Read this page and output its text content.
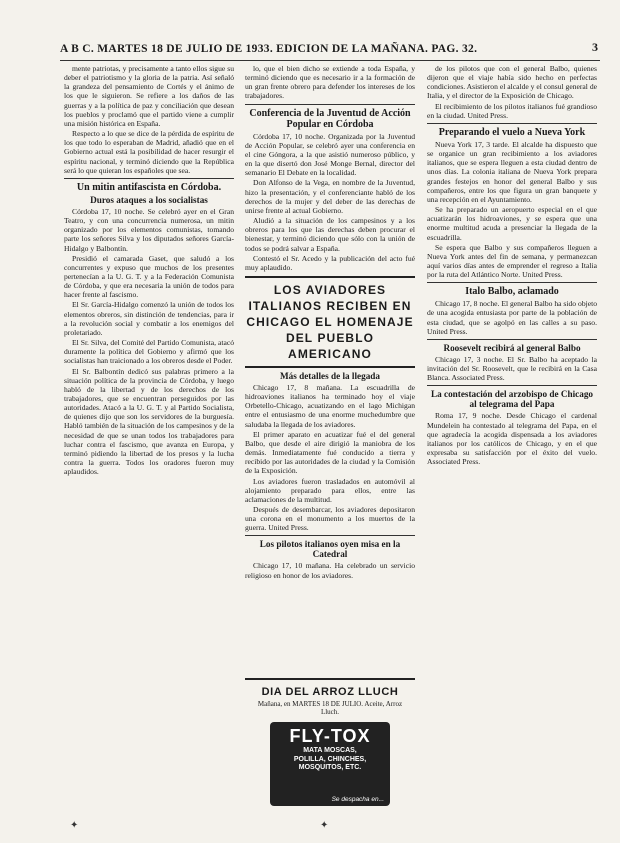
A B C. MARTES 18 DE JULIO DE 1933. EDICION DE LA MAÑANA. PAG. 32.	3

mente patriotas, y precisamente a tanto ellos sigue su deber el patriotismo y la gloria de la patria. Así señaló la grandeza del pensamiento de Cortés y el ánimo de los que le siguieron. Se refiere a los daños de las guerras y a la política de paz y conciliación que desean los pueblos y proclamó que el partido viene a cumplir una misión histórica en España.

Respecto a lo que se dice de la pérdida de espíritu de los que todo lo esperaban de Madrid, añadió que en el Gobierno actual está la posibilidad de hacer resurgir el espíritu nacional, y terminó diciendo que la República será lo que quieran los españoles que sea.

Un mitin antifascista en Córdoba.
Duros ataques a los socialistas

Córdoba 17, 10 noche. Se celebró ayer en el Gran Teatro, y con una concurrencia numerosa, un mitin organizado por los elementos comunistas, tomando parte los señores Silva y los diputados señores García-Hidalgo y Balbontín.

Presidió el camarada Gaset, que saludó a los concurrentes y expuso que muchos de los presentes pertenecían a la U. G. T. y a la Federación Comunista de Córdoba, y que era necesaria la unión de todos para hacer frente al fascismo.

El Sr. García-Hidalgo comenzó la unión de todos los elementos obreros, sin distinción de tendencias, para ir a la revolución social y combatir a los enemigos del proletariado.

El Sr. Silva, del Comité del Partido Comunista, atacó duramente la política del Gobierno y afirmó que los socialistas han traicionado a los obreros desde el Poder.

El Sr. Balbontín dedicó sus palabras primero a la situación política de la provincia de Córdoba, y luego habló de la libertad y de los derechos de los trabajadores, que se encuentran perseguidos por las autoridades. Atacó a la U. G. T. y al Partido Socialista, de quienes dijo que son los servidores de la burguesía. Habló también de la situación de los campesinos y de la necesidad de que se unan todos los trabajadores para luchar contra el fascismo, que avanza en Europa, y terminó pidiendo la libertad de los presos y la lucha contra la guerra. Todos los oradores fueron muy aplaudidos.

lo, que el bien dicho se extiende a toda España, y terminó diciendo que es necesario ir a la formación de un gran frente obrero para defender los intereses de los trabajadores.

Conferencia de la Juventud de Acción Popular en Córdoba

Córdoba 17, 10 noche. Organizada por la Juventud de Acción Popular, se celebró ayer una conferencia en el cine Góngora, a la que asistió numeroso público, y en la que disertó don José Monge Bernal, director del semanario El Debate en la localidad.

Don Alfonso de la Vega, en nombre de la Juventud, hizo la presentación, y el conferenciante habló de los derechos de la mujer y del deber de las derechas de unirse frente al actual Gobierno.

Aludió a la situación de los campesinos y a los obreros para los que las derechas deben procurar el bienestar, y terminó diciendo que sólo con la unión de todos se podrá salvar a España.

Contestó el Sr. Acedo y la publicación del acto fué muy aplaudido.

LOS AVIADORES ITALIANOS RECIBEN EN CHICAGO EL HOMENAJE DEL PUEBLO AMERICANO
Más detalles de la llegada

Chicago 17, 8 mañana. La escuadrilla de hidroaviones italianos ha terminado hoy el viaje Orbetello-Chicago, acuatizando en el lago Michigan entre el entusiasmo de una enorme muchedumbre que saludaba la llegada de los aviadores.

El primer aparato en acuatizar fué el del general Balbo, que desde el aire dirigió la maniobra de los demás. Inmediatamente fué conducido a tierra y recibido por las autoridades de la ciudad y la Comisión de la Exposición.

Los aviadores fueron trasladados en automóvil al alojamiento preparado para ellos, entre las aclamaciones de la multitud.

Después de desembarcar, los aviadores depositaron una corona en el monumento a los muertos de la guerra. United Press.

Los pilotos italianos oyen misa en la Catedral

Chicago 17, 10 mañana. Ha celebrado un servicio religioso en honor de los aviadores.

DIA DEL ARROZ LLUCH
Mañana, en MARTES 18 DE JULIO. Aceite, Arroz Lluch.
FLY-TOX
MATA MOSCAS,
POLILLA, CHINCHES,
MOSQUITOS, ETC.
Se despacha en...

de los pilotos que con el general Balbo, quienes dijeron que el viaje había sido hecho en perfectas condiciones. Asistieron el alcalde y el consul general de Italia, y el director de la Exposición de Chicago.

El recibimiento de los pilotos italianos fué grandioso en la ciudad. United Press.

Preparando el vuelo a Nueva York

Nueva York 17, 3 tarde. El alcalde ha dispuesto que se organice un gran recibimiento a los aviadores italianos, que se espera lleguen a esta ciudad dentro de unos días. La colonia italiana de Nueva York prepara grandes festejos en honor del general Balbo y sus compañeros, entre los que figura un gran banquete y una recepción en el Ayuntamiento.

Se ha preparado un aeropuerto especial en el que acuatizarán los hidroaviones, y se espera que una enorme multitud acuda a presenciar la llegada de la escuadrilla.

Se espera que Balbo y sus compañeros lleguen a Nueva York antes del fin de semana, y permanezcan aquí varios días antes de emprender el regreso a Italia por la ruta del Atlántico Norte. United Press.

Italo Balbo, aclamado

Chicago 17, 8 noche. El general Balbo ha sido objeto de una acogida entusiasta por parte de la población de esta ciudad, que se agolpó en las calles a su paso. United Press.

Roosevelt recibirá al general Balbo

Chicago 17, 3 noche. El Sr. Balbo ha aceptado la invitación del Sr. Roosevelt, que le recibirá en la Casa Blanca. Associated Press.

La contestación del arzobispo de Chicago al telegrama del Papa

Roma 17, 9 noche. Desde Chicago el cardenal Mundelein ha contestado al telegrama del Papa, en el que agradecía la acogida dispensada a los aviadores italianos por los católicos de Chicago, y en el que expresaba su satisfacción por el éxito del vuelo. Associated Press.

✦	✦
